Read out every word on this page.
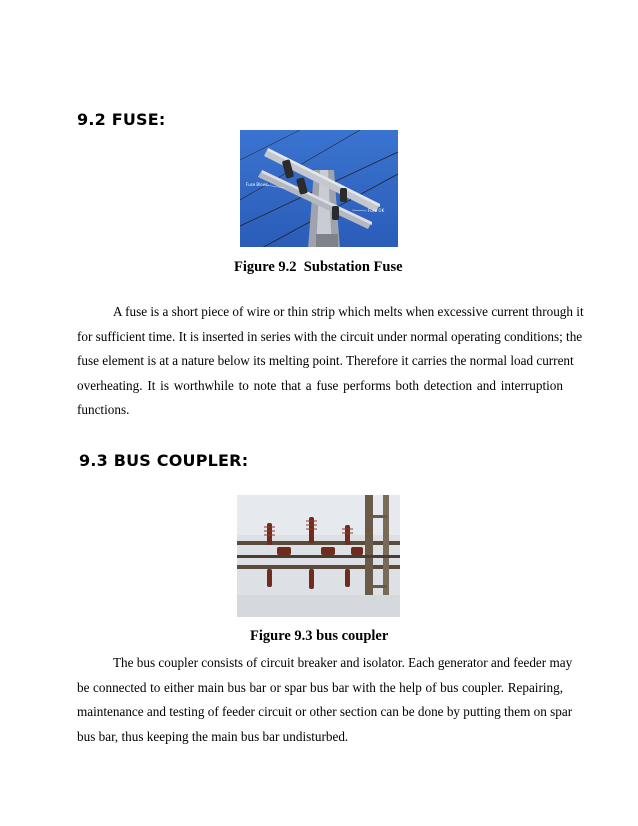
9.2 FUSE:
Fuse Blown
Fuse OK
Figure 9.2  Substation Fuse
A fuse is a short piece of wire or thin strip which melts when excessive current through it
for sufficient time. It is inserted in series with the circuit under normal operating conditions; the
fuse element is at a nature below its melting point. Therefore it carries the normal load current
overheating. It is worthwhile to note that a fuse performs both detection and interruption
functions.
9.3 BUS COUPLER:
Figure 9.3 bus coupler
The bus coupler consists of circuit breaker and isolator. Each generator and feeder may
be connected to either main bus bar or spar bus bar with the help of bus coupler. Repairing,
maintenance and testing of feeder circuit or other section can be done by putting them on spar
bus bar, thus keeping the main bus bar undisturbed.
